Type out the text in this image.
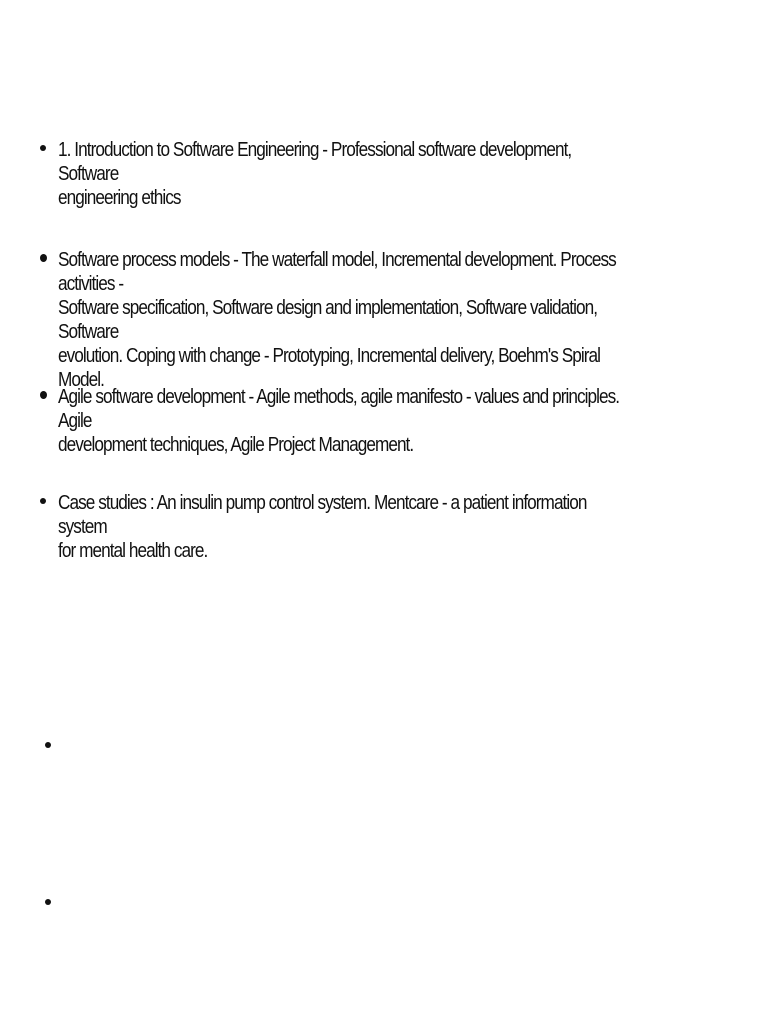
1. Introduction to Software Engineering - Professional software development, Software
engineering ethics
Software process models - The waterfall model, Incremental development. Process activities -
Software specification, Software design and implementation, Software validation, Software
evolution. Coping with change - Prototyping, Incremental delivery, Boehm's Spiral Model.
Agile software development - Agile methods, agile manifesto - values and principles. Agile
development techniques, Agile Project Management.
Case studies : An insulin pump control system. Mentcare - a patient information system
for mental health care.
